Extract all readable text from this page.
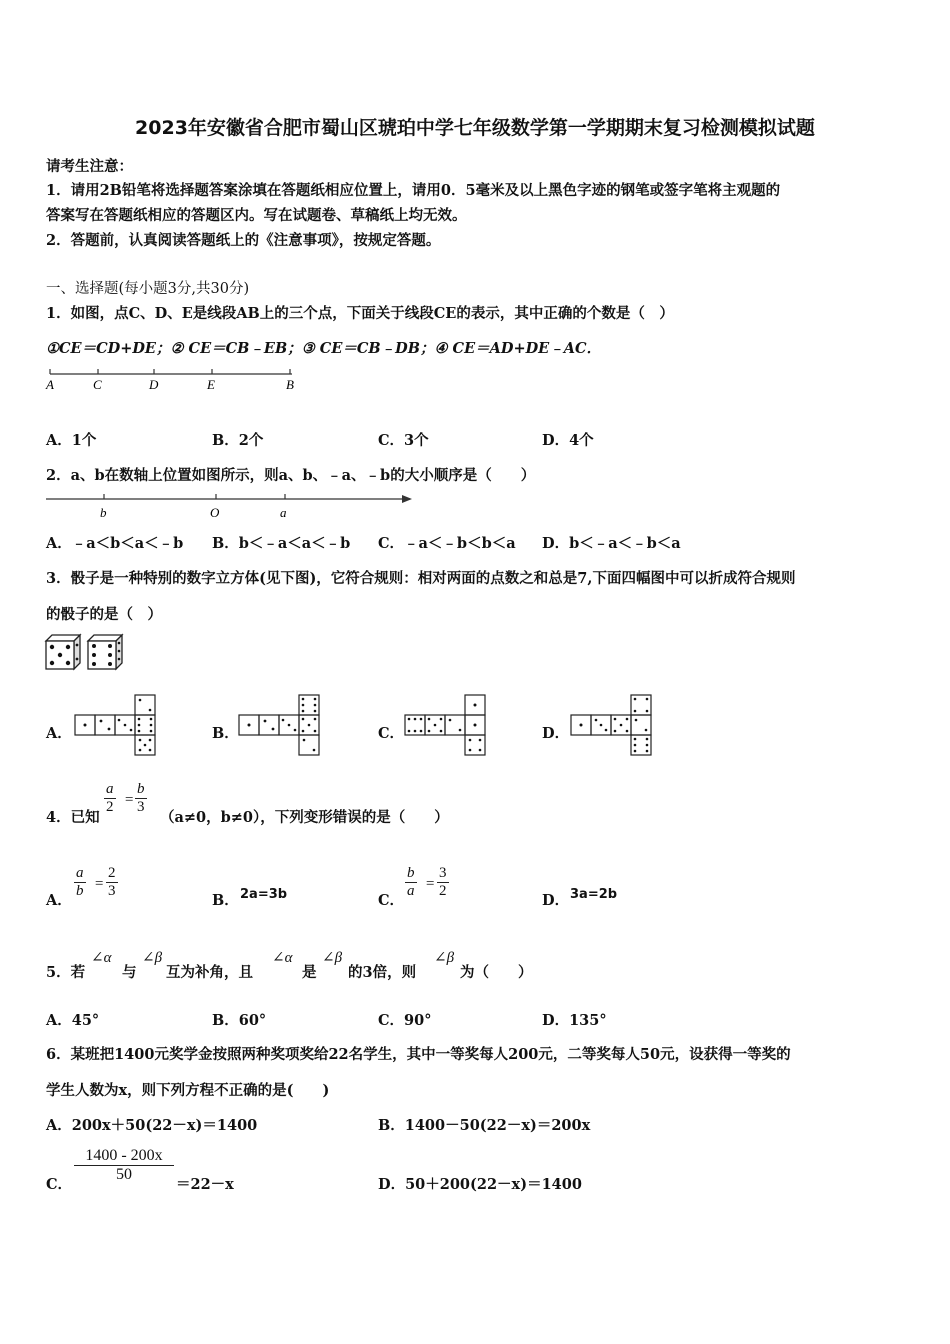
2023年安徽省合肥市蜀山区琥珀中学七年级数学第一学期期末复习检测模拟试题
请考生注意：
1．请用2B铅笔将选择题答案涂填在答题纸相应位置上，请用0．5毫米及以上黑色字迹的钢笔或签字笔将主观题的
答案写在答题纸相应的答题区内。写在试题卷、草稿纸上均无效。
2．答题前，认真阅读答题纸上的《注意事项》，按规定答题。
一、选择题(每小题3分,共30分)
1．如图，点C、D、E是线段AB上的三个点，下面关于线段CE的表示，其中正确的个数是（　）
①CE＝CD+DE；② CE＝CB﹣EB；③ CE＝CB﹣DB；④ CE＝AD+DE﹣AC．
A	C	D	E	B
A．1个	B．2个	C．3个	D．4个
2．a、b在数轴上位置如图所示，则a、b、﹣a、﹣b的大小顺序是（　　）
b	O	a
A．﹣a＜b＜a＜﹣b B．b＜﹣a＜a＜﹣b C．﹣a＜﹣b＜b＜a D．b＜﹣a＜﹣b＜a
3．骰子是一种特别的数字立方体(见下图)，它符合规则：相对两面的点数之和总是7,下面四幅图中可以折成符合规则
的骰子的是（　）
A．	B．	C．	D．
4．已知
$\frac{a}{2} = \frac{b}{3}$
（a≠0，b≠0），下列变形错误的是（　　）
A．
$\frac{a}{b} = \frac{2}{3}$
B． 2a=3b	C．
$\frac{b}{a} = \frac{3}{2}$
D． 3a=2b
5．若
∠α
与
∠β
互为补角，且
∠α
是
∠β
的3倍，则
∠β
为（　　）
A．45°	B．60°	C．90°	D．135°
6．某班把1400元奖学金按照两种奖项奖给22名学生，其中一等奖每人200元，二等奖每人50元，设获得一等奖的
学生人数为x，则下列方程不正确的是(　　)
A．200x＋50(22－x)＝1400	B．1400－50(22－x)＝200x
C．
$\frac{1400 - 200x}{50}$
＝22－x	D．50＋200(22－x)＝1400
